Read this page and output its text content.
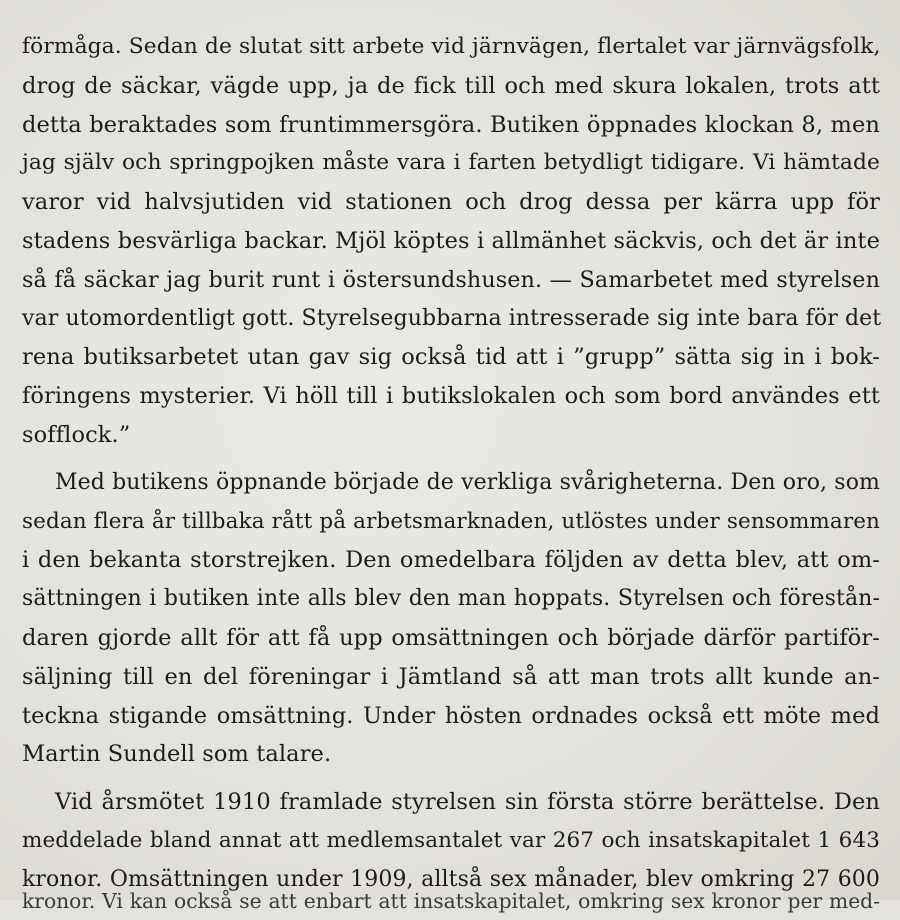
förmåga. Sedan de slutat sitt arbete vid järnvägen, flertalet var järnvägsfolk,
drog de säckar, vägde upp, ja de fick till och med skura lokalen, trots att
detta beraktades som fruntimmersgöra. Butiken öppnades klockan 8, men
jag själv och springpojken måste vara i farten betydligt tidigare. Vi hämtade
varor vid halvsjutiden vid stationen och drog dessa per kärra upp för
stadens besvärliga backar. Mjöl köptes i allmänhet säckvis, och det är inte
så få säckar jag burit runt i östersundshusen. — Samarbetet med styrelsen
var utomordentligt gott. Styrelsegubbarna intresserade sig inte bara för det
rena butiksarbetet utan gav sig också tid att i ”grupp” sätta sig in i bok-
föringens mysterier. Vi höll till i butikslokalen och som bord användes ett
sofflock.”
Med butikens öppnande började de verkliga svårigheterna. Den oro, som
sedan flera år tillbaka rått på arbetsmarknaden, utlöstes under sensommaren
i den bekanta storstrejken. Den omedelbara följden av detta blev, att om-
sättningen i butiken inte alls blev den man hoppats. Styrelsen och förestån-
daren gjorde allt för att få upp omsättningen och började därför partiför-
säljning till en del föreningar i Jämtland så att man trots allt kunde an-
teckna stigande omsättning. Under hösten ordnades också ett möte med
Martin Sundell som talare.
Vid årsmötet 1910 framlade styrelsen sin första större berättelse. Den
meddelade bland annat att medlemsantalet var 267 och insatskapitalet 1 643
kronor. Omsättningen under 1909, alltså sex månader, blev omkring 27 600
kronor. Vi kan också se att enbart att insatskapitalet, omkring sex kronor per med-
